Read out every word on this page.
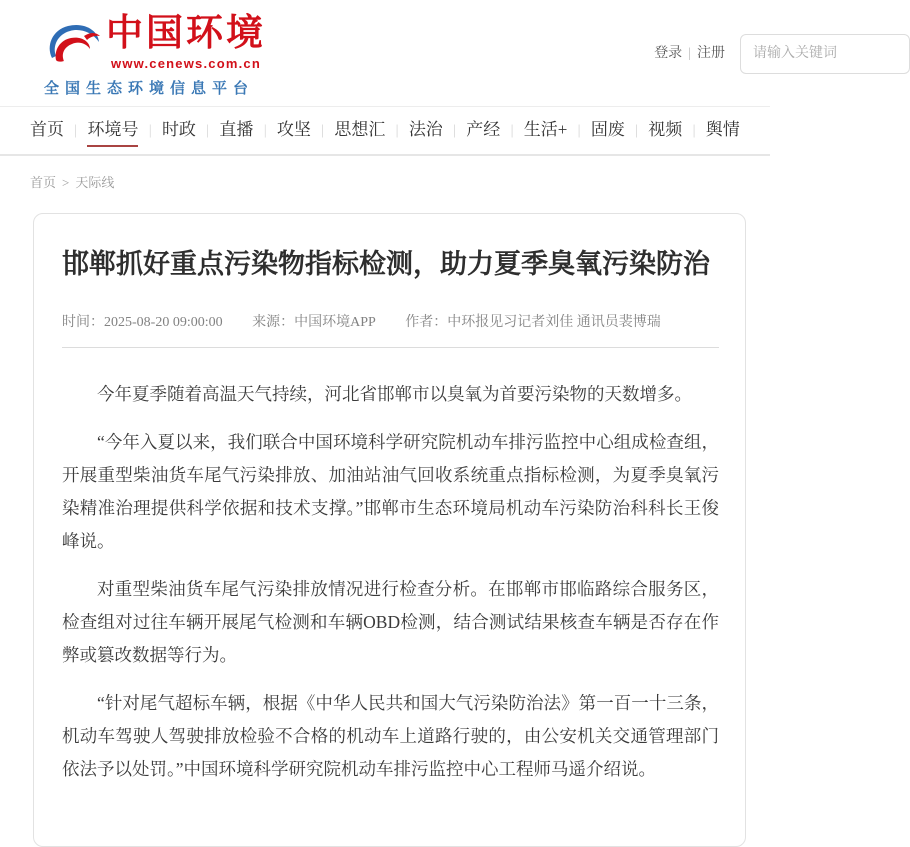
中国环境
www.cenews.com.cn
全国生态环境信息平台
登录 | 注册
请输入关键词
首页 | 环境号 | 时政 | 直播 | 攻坚 | 思想汇 | 法治 | 产经 | 生活+ | 固废 | 视频 | 舆情
首页 > 天际线
邯郸抓好重点污染物指标检测，助力夏季臭氧污染防治
时间：2025-08-20 09:00:00 来源：中国环境APP 作者：中环报见习记者刘佳 通讯员裴博瑞

今年夏季随着高温天气持续，河北省邯郸市以臭氧为首要污染物的天数增多。

“今年入夏以来，我们联合中国环境科学研究院机动车排污监控中心组成检查组，开展重型柴油货车尾气污染排放、加油站油气回收系统重点指标检测，为夏季臭氧污染精准治理提供科学依据和技术支撑。”邯郸市生态环境局机动车污染防治科科长王俊峰说。

对重型柴油货车尾气污染排放情况进行检查分析。在邯郸市邯临路综合服务区，检查组对过往车辆开展尾气检测和车辆OBD检测，结合测试结果核查车辆是否存在作弊或篡改数据等行为。

“针对尾气超标车辆，根据《中华人民共和国大气污染防治法》第一百一十三条，机动车驾驶人驾驶排放检验不合格的机动车上道路行驶的，由公安机关交通管理部门依法予以处罚。”中国环境科学研究院机动车排污监控中心工程师马遥介绍说。
